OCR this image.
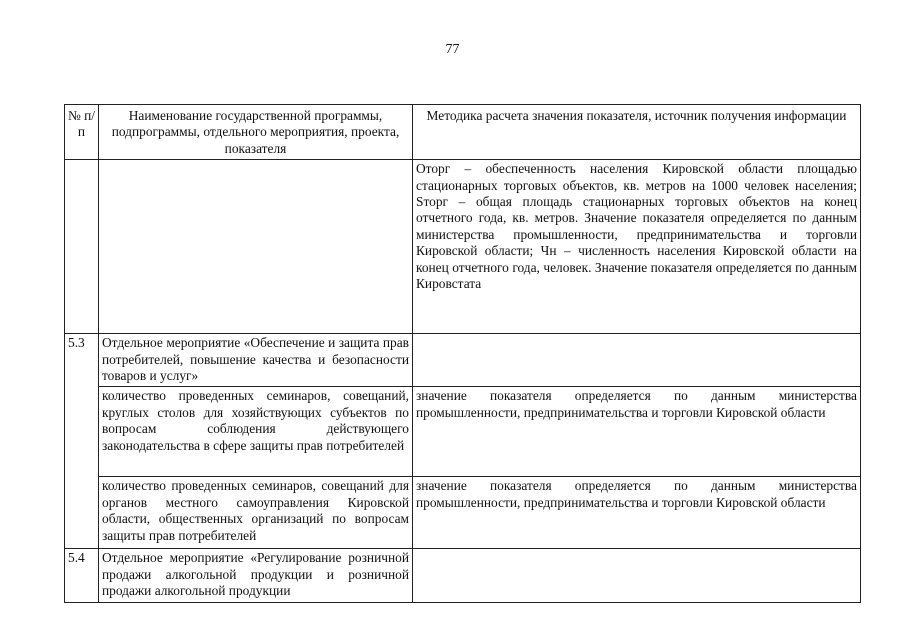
77
№ п/п	Наименование государственной программы, подпрограммы, отдельного мероприятия, проекта, показателя	Методика расчета значения показателя, источник получения информации
		Оторг – обеспеченность населения Кировской области площадью стационарных торговых объектов, кв. метров на 1000 человек населения; Sторг – общая площадь стационарных торговых объектов на конец отчетного года, кв. метров. Значение показателя определяется по данным министерства промышленности, предпринимательства и торговли Кировской области; Чн – численность населения Кировской области на конец отчетного года, человек. Значение показателя определяется по данным Кировстата
5.3	Отдельное мероприятие «Обеспечение и защита прав потребителей, повышение качества и безопасности товаров и услуг»	
	количество проведенных семинаров, совещаний, круглых столов для хозяйствующих субъектов по вопросам соблюдения действующего законодательства в сфере защиты прав потребителей	значение показателя определяется по данным министерства промышленности, предпринимательства и торговли Кировской области
	количество проведенных семинаров, совещаний для органов местного самоуправления Кировской области, общественных организаций по вопросам защиты прав потребителей	значение показателя определяется по данным министерства промышленности, предпринимательства и торговли Кировской области
5.4	Отдельное мероприятие «Регулирование розничной продажи алкогольной продукции и розничной продажи алкогольной продукции	
